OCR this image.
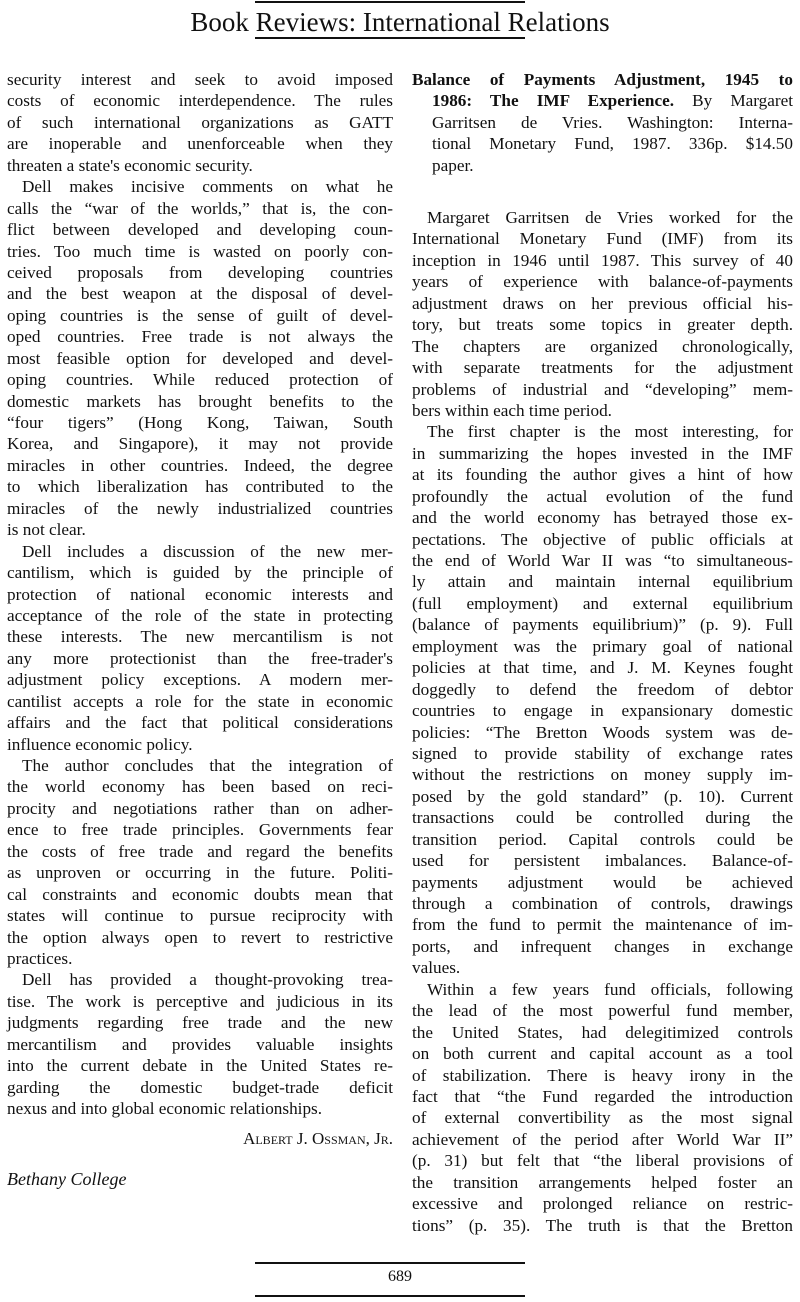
Book Reviews: International Relations
security interest and seek to avoid imposed
costs of economic interdependence. The rules
of such international organizations as GATT
are inoperable and unenforceable when they
threaten a state's economic security.
Dell makes incisive comments on what he
calls the “war of the worlds,” that is, the con-
flict between developed and developing coun-
tries. Too much time is wasted on poorly con-
ceived proposals from developing countries
and the best weapon at the disposal of devel-
oping countries is the sense of guilt of devel-
oped countries. Free trade is not always the
most feasible option for developed and devel-
oping countries. While reduced protection of
domestic markets has brought benefits to the
“four tigers” (Hong Kong, Taiwan, South
Korea, and Singapore), it may not provide
miracles in other countries. Indeed, the degree
to which liberalization has contributed to the
miracles of the newly industrialized countries
is not clear.
Dell includes a discussion of the new mer-
cantilism, which is guided by the principle of
protection of national economic interests and
acceptance of the role of the state in protecting
these interests. The new mercantilism is not
any more protectionist than the free-trader's
adjustment policy exceptions. A modern mer-
cantilist accepts a role for the state in economic
affairs and the fact that political considerations
influence economic policy.
The author concludes that the integration of
the world economy has been based on reci-
procity and negotiations rather than on adher-
ence to free trade principles. Governments fear
the costs of free trade and regard the benefits
as unproven or occurring in the future. Politi-
cal constraints and economic doubts mean that
states will continue to pursue reciprocity with
the option always open to revert to restrictive
practices.
Dell has provided a thought-provoking trea-
tise. The work is perceptive and judicious in its
judgments regarding free trade and the new
mercantilism and provides valuable insights
into the current debate in the United States re-
garding the domestic budget-trade deficit
nexus and into global economic relationships.
Albert J. Ossman, Jr.
Bethany College
Balance of Payments Adjustment, 1945 to
1986: The IMF Experience. By Margaret
Garritsen de Vries. Washington: Interna-
tional Monetary Fund, 1987. 336p. $14.50
paper.
Margaret Garritsen de Vries worked for the
International Monetary Fund (IMF) from its
inception in 1946 until 1987. This survey of 40
years of experience with balance-of-payments
adjustment draws on her previous official his-
tory, but treats some topics in greater depth.
The chapters are organized chronologically,
with separate treatments for the adjustment
problems of industrial and “developing” mem-
bers within each time period.
The first chapter is the most interesting, for
in summarizing the hopes invested in the IMF
at its founding the author gives a hint of how
profoundly the actual evolution of the fund
and the world economy has betrayed those ex-
pectations. The objective of public officials at
the end of World War II was “to simultaneous-
ly attain and maintain internal equilibrium
(full employment) and external equilibrium
(balance of payments equilibrium)” (p. 9). Full
employment was the primary goal of national
policies at that time, and J. M. Keynes fought
doggedly to defend the freedom of debtor
countries to engage in expansionary domestic
policies: “The Bretton Woods system was de-
signed to provide stability of exchange rates
without the restrictions on money supply im-
posed by the gold standard” (p. 10). Current
transactions could be controlled during the
transition period. Capital controls could be
used for persistent imbalances. Balance-of-
payments adjustment would be achieved
through a combination of controls, drawings
from the fund to permit the maintenance of im-
ports, and infrequent changes in exchange
values.
Within a few years fund officials, following
the lead of the most powerful fund member,
the United States, had delegitimized controls
on both current and capital account as a tool
of stabilization. There is heavy irony in the
fact that “the Fund regarded the introduction
of external convertibility as the most signal
achievement of the period after World War II”
(p. 31) but felt that “the liberal provisions of
the transition arrangements helped foster an
excessive and prolonged reliance on restric-
tions” (p. 35). The truth is that the Bretton
689
